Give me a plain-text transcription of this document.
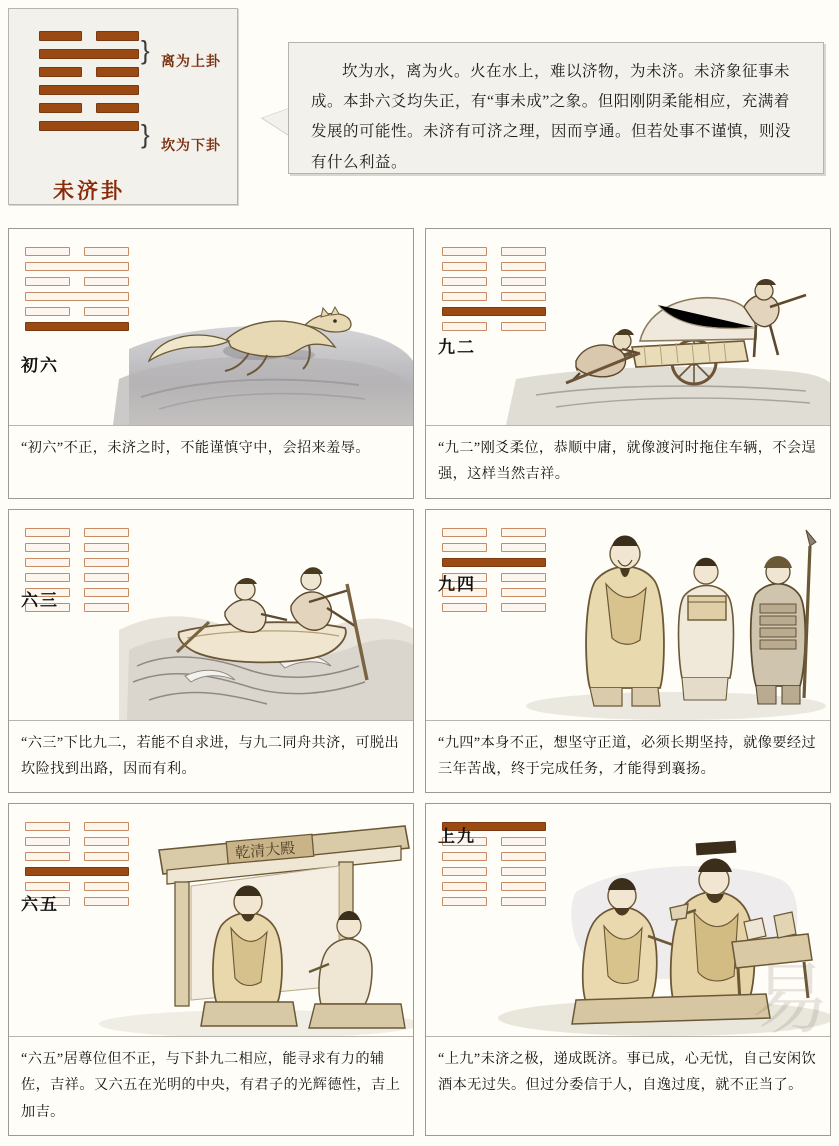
}
}
离为上卦
坎为下卦
未济卦

坎为水，离为火。火在水上，难以济物，为未济。未济象征事未成。本卦六爻均失正，有“事未成”之象。但阳刚阴柔能相应，充满着发展的可能性。未济有可济之理，因而亨通。但若处事不谨慎，则没有什么利益。

初六

“初六”不正，未济之时，不能谨慎守中，会招来羞辱。

九二

“九二”刚爻柔位，恭顺中庸，就像渡河时拖住车辆，不会逞强，这样当然吉祥。

六三

“六三”下比九二，若能不自求进，与九二同舟共济，可脱出坎险找到出路，因而有利。

九四

“九四”本身不正，想坚守正道，必须长期坚持，就像要经过三年苦战，终于完成任务，才能得到襄扬。

乾清大殿
六五

“六五”居尊位但不正，与下卦九二相应，能寻求有力的辅佐，吉祥。又六五在光明的中央，有君子的光辉德性，吉上加吉。

上九

“上九”未济之极，递成既济。事已成，心无忧，自己安闲饮酒本无过失。但过分委信于人，自逸过度，就不正当了。
